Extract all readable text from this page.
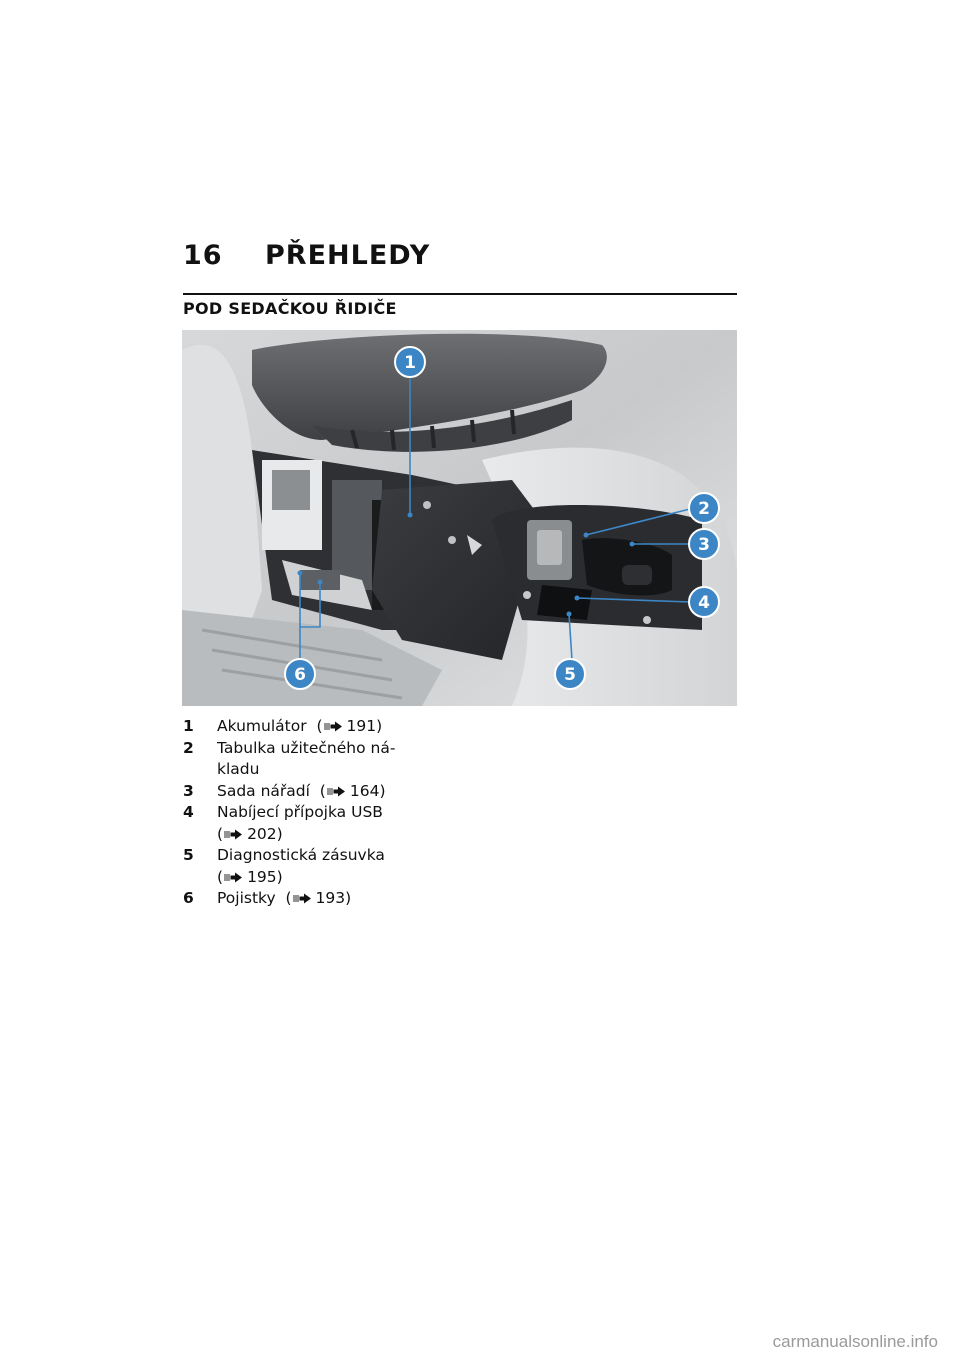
16	PŘEHLEDY
POD SEDAČKOU ŘIDIČE
1
2
3
4
5
6
1	Akumulátor  ( 191)
2	Tabulka užitečného ná-
kladu
3	Sada nářadí  ( 164)
4	Nabíjecí přípojka USB
( 202)
5	Diagnostická zásuvka
( 195)
6	Pojistky  ( 193)
carmanualsonline.info
